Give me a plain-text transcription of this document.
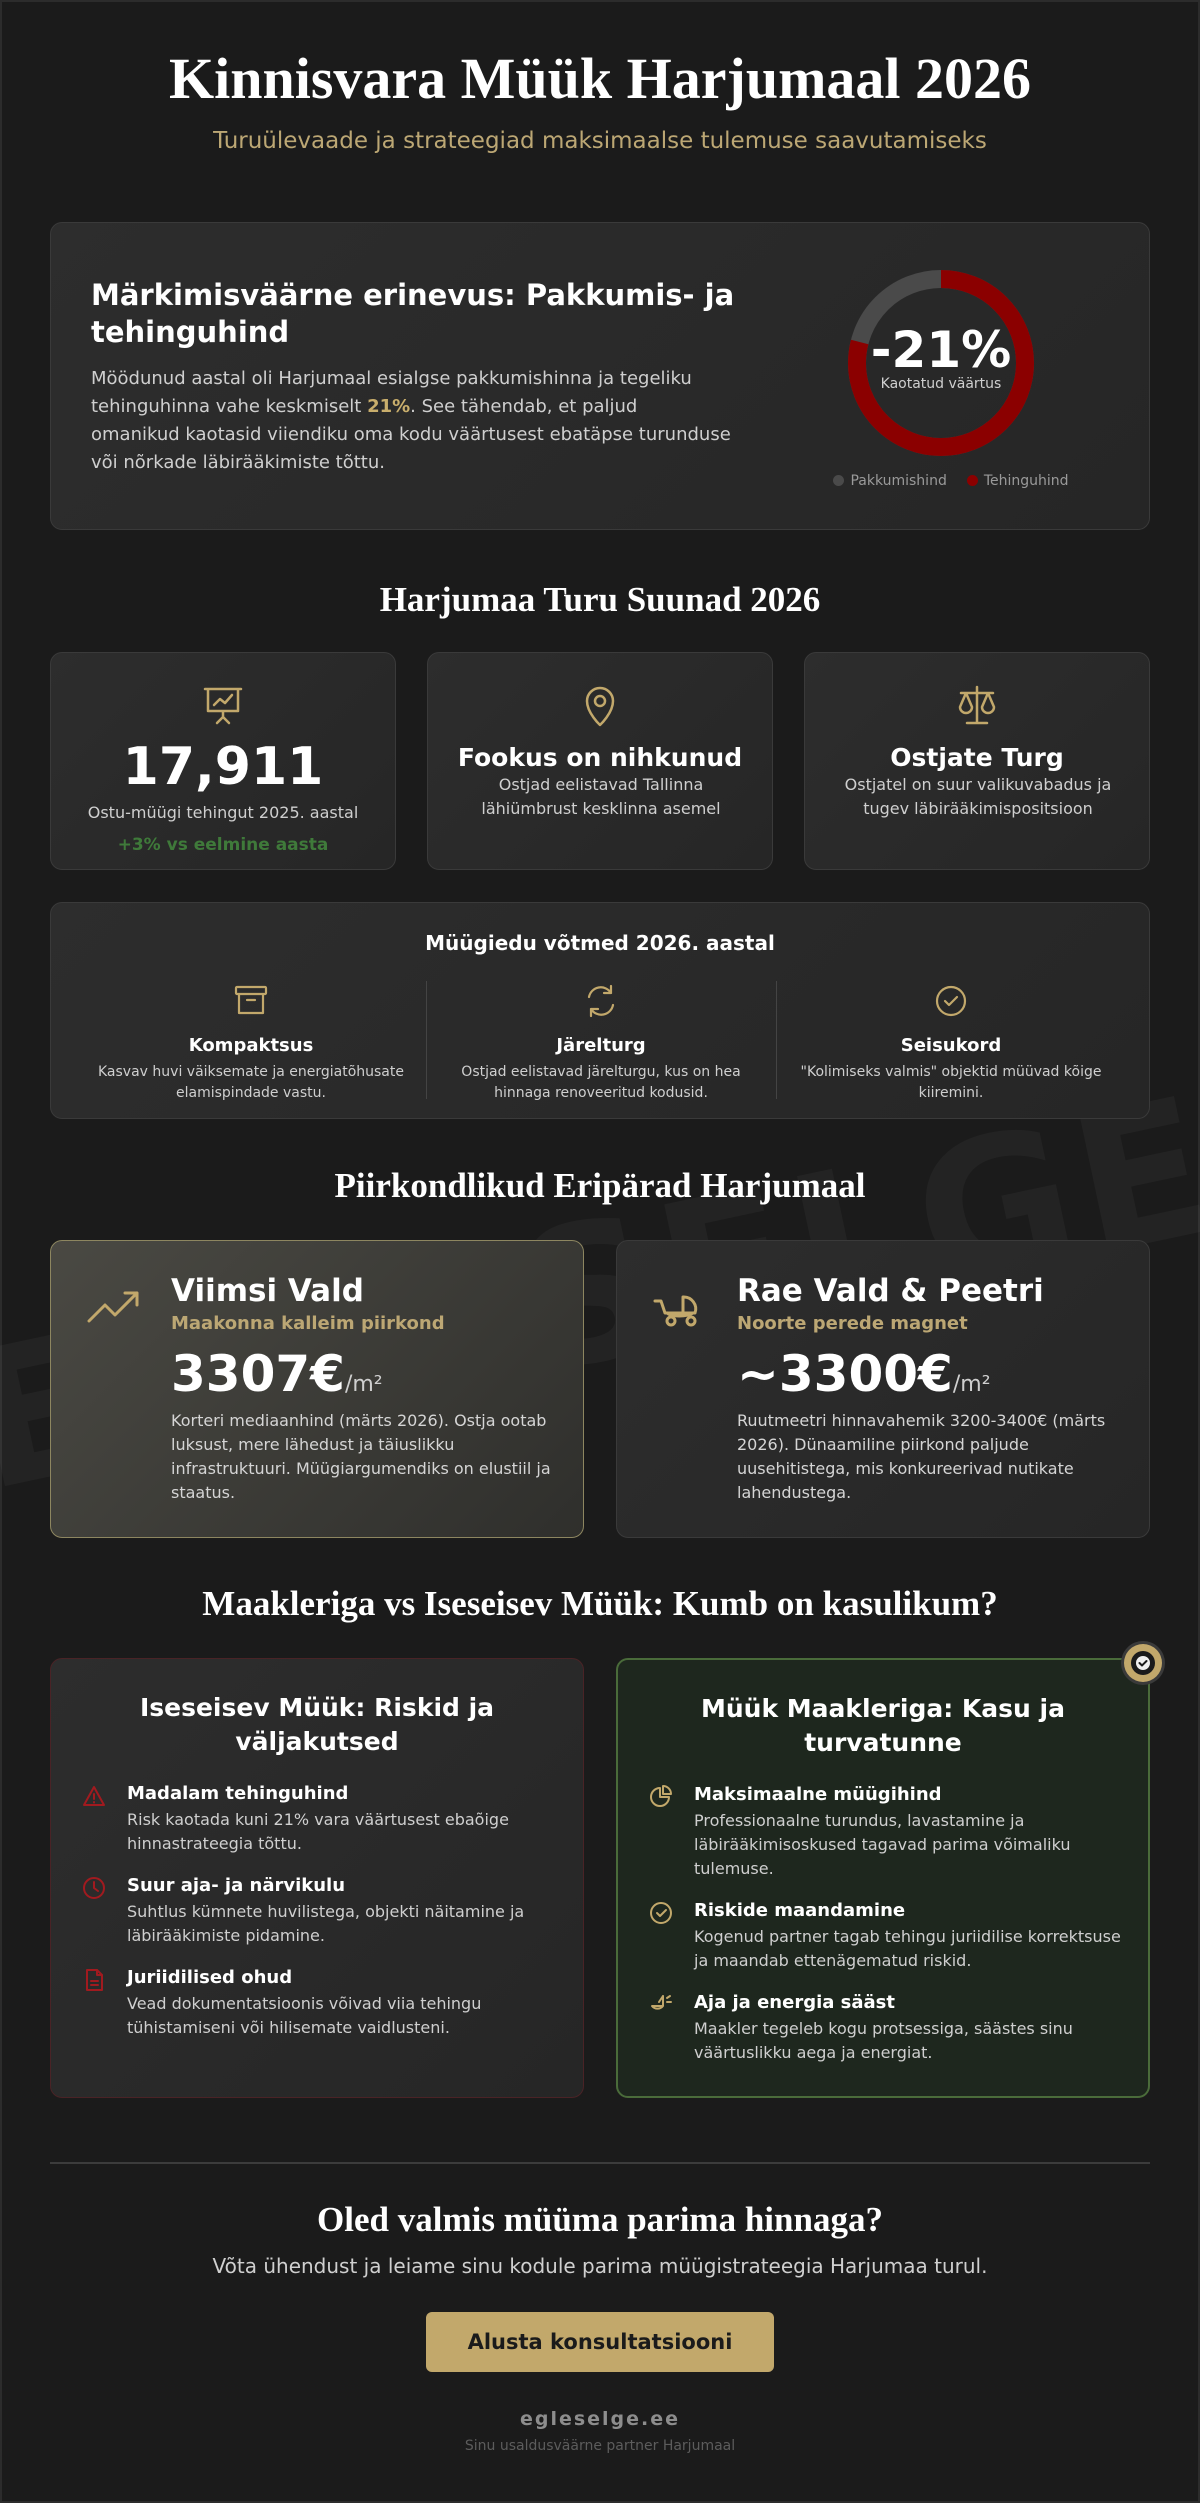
Kinnisvara Müük Harjumaal 2026

Turuülevaade ja strateegiad maksimaalse tulemuse saavutamiseks

Märkimisväärne erinevus: Pakkumis- ja tehinguhind

Möödunud aastal oli Harjumaal esialgse pakkumishinna ja tegeliku tehinguhinna vahe keskmiselt 21%. See tähendab, et paljud omanikud kaotasid viiendiku oma kodu väärtusest ebatäpse turunduse või nõrkade läbirääkimiste tõttu.

-21%
Kaotatud väärtus
Pakkumishind	Tehinguhind
Harjumaa Turu Suunad 2026
17,911
Ostu-müügi tehingut 2025. aastal
+3% vs eelmine aasta
Fookus on nihkunud
Ostjad eelistavad Tallinna lähiümbrust kesklinna asemel
Ostjate Turg
Ostjatel on suur valikuvabadus ja tugev läbirääkimispositsioon
Müügiedu võtmed 2026. aastal
Kompaktsus
Kasvav huvi väiksemate ja energiatõhusate elamispindade vastu.
Järelturg
Ostjad eelistavad järelturgu, kus on hea hinnaga renoveeritud kodusid.
Seisukord
"Kolimiseks valmis" objektid müüvad kõige kiiremini.
Piirkondlikud Eripärad Harjumaal
Viimsi Vald
Maakonna kalleim piirkond
3307€/m²
Korteri mediaanhind (märts 2026). Ostja ootab luksust, mere lähedust ja täiuslikku infrastruktuuri. Müügiargumendiks on elustiil ja staatus.
Rae Vald & Peetri
Noorte perede magnet
~3300€/m²
Ruutmeetri hinnavahemik 3200-3400€ (märts 2026). Dünaamiline piirkond paljude uusehitistega, mis konkureerivad nutikate lahendustega.
Maakleriga vs Iseseisev Müük: Kumb on kasulikum?
Iseseisev Müük: Riskid ja väljakutsed
Madalam tehinguhind
Risk kaotada kuni 21% vara väärtusest ebaõige hinnastrateegia tõttu.
Suur aja- ja närvikulu
Suhtlus kümnete huvilistega, objekti näitamine ja läbirääkimiste pidamine.
Juriidilised ohud
Vead dokumentatsioonis võivad viia tehingu tühistamiseni või hilisemate vaidlusteni.
Müük Maakleriga: Kasu ja turvatunne
Maksimaalne müügihind
Professionaalne turundus, lavastamine ja läbirääkimisoskused tagavad parima võimaliku tulemuse.
Riskide maandamine
Kogenud partner tagab tehingu juriidilise korrektsuse ja maandab ettenägematud riskid.
Aja ja energia sääst
Maakler tegeleb kogu protsessiga, säästes sinu väärtuslikku aega ja energiat.
Oled valmis müüma parima hinnaga?

Võta ühendust ja leiame sinu kodule parima müügistrateegia Harjumaa turul.

Alusta konsultatsiooni
egleselge.ee
Sinu usaldusväärne partner Harjumaal
